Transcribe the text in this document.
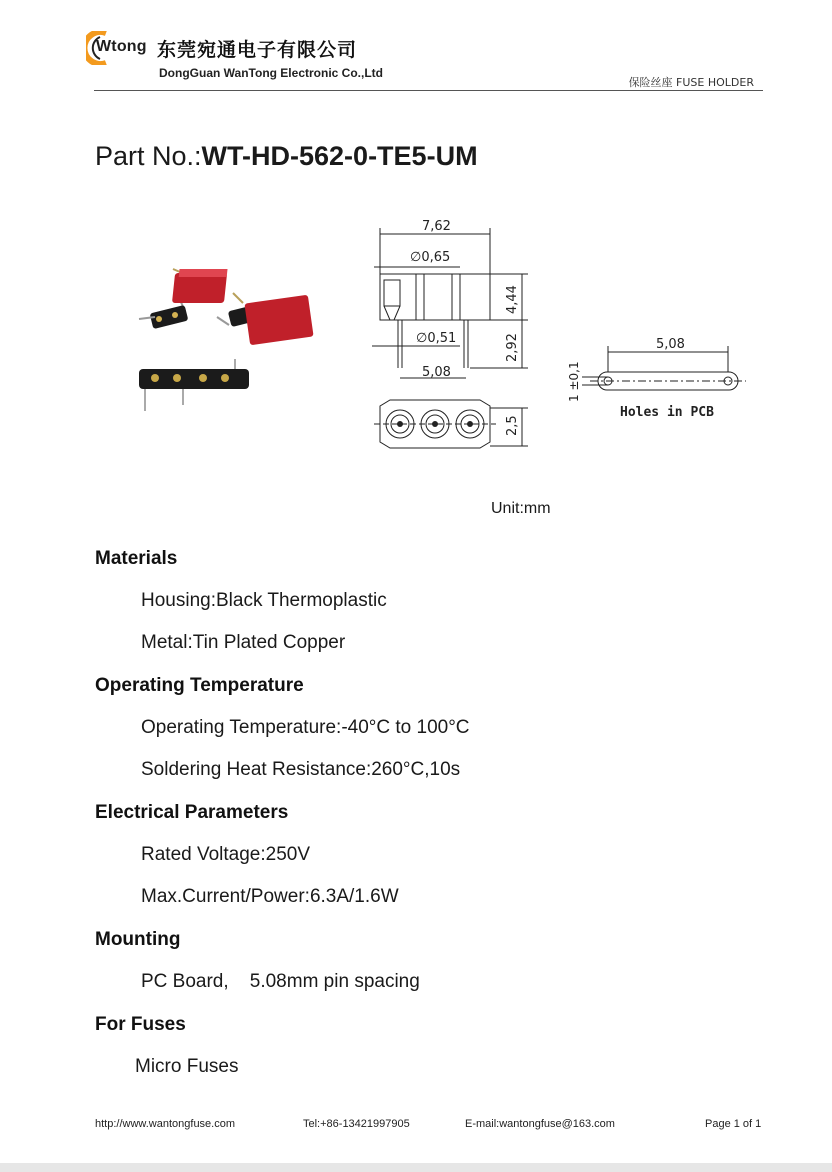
Wtong 东莞宛通电子有限公司
DongGuan WanTong Electronic Co.,Ltd
保险丝座 FUSE HOLDER
Part No.:WT-HD-562-0-TE5-UM
7,62
∅0,65
∅0,51
5,08
4,44
2,92
2,5
5,08
1 ±0,1
Holes in PCB
Unit:mm
Materials
Housing:Black Thermoplastic
Metal:Tin Plated Copper
Operating Temperature
Operating Temperature:-40°C to 100°C
Soldering Heat Resistance:260°C,10s
Electrical Parameters
Rated Voltage:250V
Max.Current/Power:6.3A/1.6W
Mounting
PC Board,    5.08mm pin spacing
For Fuses
Micro Fuses
http://www.wantongfuse.com	Tel:+86-13421997905	E-mail:wantongfuse@163.com	Page 1 of 1
